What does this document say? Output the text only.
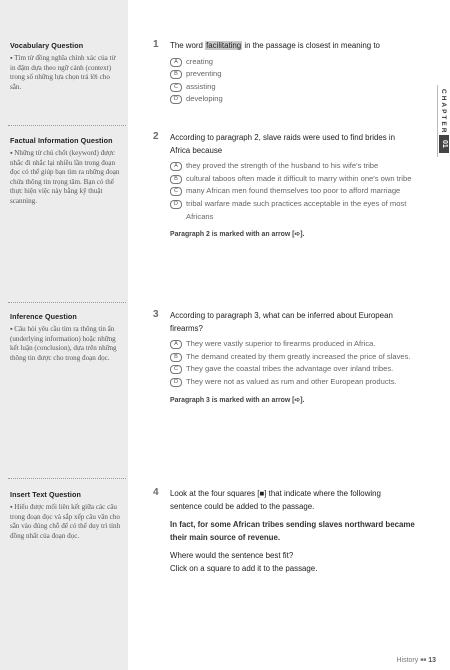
Vocabulary Question

▪ Tìm từ đồng nghĩa chính xác của từ in đậm dựa theo ngữ cảnh (context) trong số những lựa chọn trả lời cho sẵn.

Factual Information Question

▪ Những từ chủ chốt (keyword) được nhắc đi nhắc lại nhiều lần trong đoạn đọc có thể giúp bạn tìm ra những đoạn chứa thông tin trọng tâm. Bạn có thể thực hiện việc này bằng kỹ thuật scanning.

Inference Question

▪ Câu hỏi yêu cầu tìm ra thông tin ẩn (underlying information) hoặc những kết luận (conclusion), dựa trên những thông tin được cho trong đoạn đọc.

Insert Text Question

▪ Hiểu được mối liên kết giữa các câu trong đoạn đọc và sắp xếp câu văn cho sẵn vào đúng chỗ để có thể duy trì tính đồng nhất của đoạn đọc.

CHAPTER
01
1 The word facilitating in the passage is closest in meaning to

A	creating
B	preventing
C	assisting
D	developing
2 According to paragraph 2, slave raids were used to find brides in Africa because

A	they proved the strength of the husband to his wife's tribe
B	cultural taboos often made it difficult to marry within one's own tribe
C	many African men found themselves too poor to afford marriage
D	tribal warfare made such practices acceptable in the eyes of most Africans

Paragraph 2 is marked with an arrow [➪].

3 According to paragraph 3, what can be inferred about European firearms?

A	They were vastly superior to firearms produced in Africa.
B	The demand created by them greatly increased the price of slaves.
C	They gave the coastal tribes the advantage over inland tribes.
D	They were not as valued as rum and other European products.

Paragraph 3 is marked with an arrow [➪].

4 Look at the four squares [■] that indicate where the following sentence could be added to the passage.

In fact, for some African tribes sending slaves northward became their main source of revenue.

Where would the sentence best fit?
Click on a square to add it to the passage.

History ■■ 13
